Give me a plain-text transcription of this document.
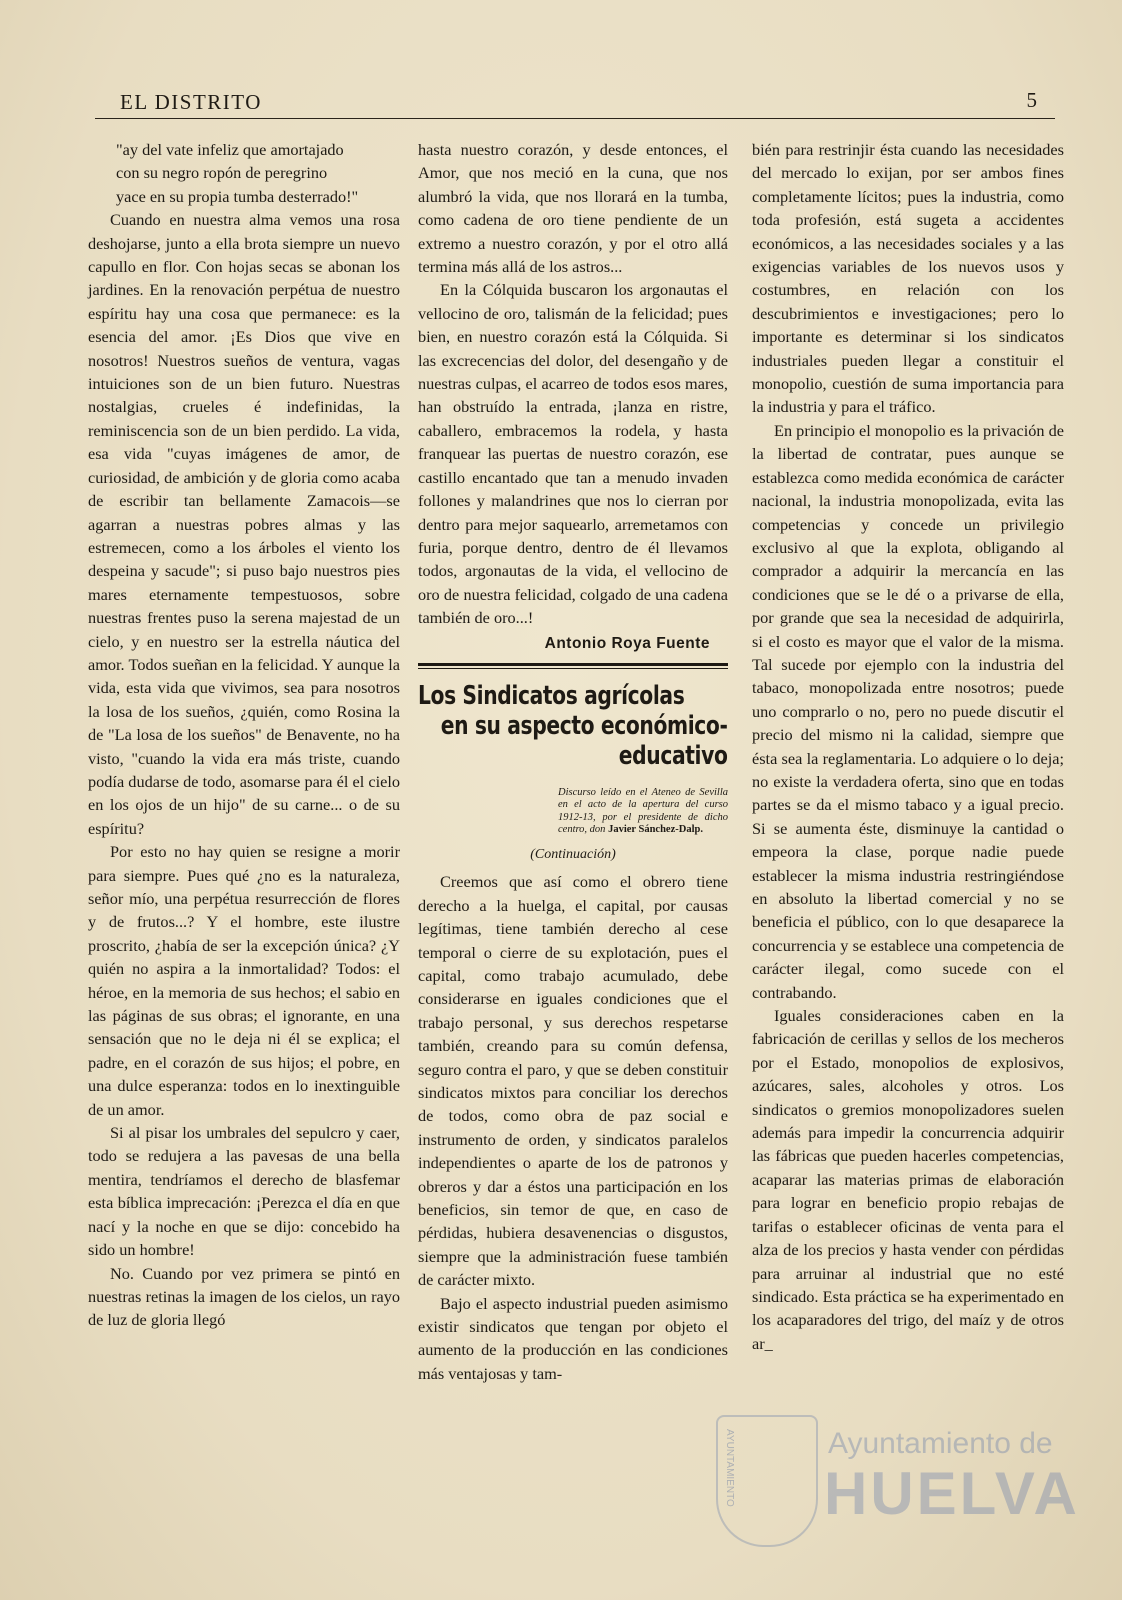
EL DISTRITO	5
"ay del vate infeliz que amortajado
con su negro ropón de peregrino
yace en su propia tumba desterrado!"

Cuando en nuestra alma vemos una rosa deshojarse, junto a ella brota siempre un nuevo capullo en flor. Con hojas secas se abonan los jardines. En la renovación perpétua de nuestro espíritu hay una cosa que permanece: es la esencia del amor. ¡Es Dios que vive en nosotros! Nuestros sueños de ventura, vagas intuiciones son de un bien futuro. Nuestras nostalgias, crueles é indefinidas, la reminiscencia son de un bien perdido. La vida, esa vida "cuyas imágenes de amor, de curiosidad, de ambición y de gloria como acaba de escribir tan bellamente Zamacois—se agarran a nuestras pobres almas y las estremecen, como a los árboles el viento los despeina y sacude"; si puso bajo nuestros pies mares eternamente tempestuosos, sobre nuestras frentes puso la serena majestad de un cielo, y en nuestro ser la estrella náutica del amor. Todos sueñan en la felicidad. Y aunque la vida, esta vida que vivimos, sea para nosotros la losa de los sueños, ¿quién, como Rosina la de "La losa de los sueños" de Benavente, no ha visto, "cuando la vida era más triste, cuando podía dudarse de todo, asomarse para él el cielo en los ojos de un hijo" de su carne... o de su espíritu?

Por esto no hay quien se resigne a morir para siempre. Pues qué ¿no es la naturaleza, señor mío, una perpétua resurrección de flores y de frutos...? Y el hombre, este ilustre proscrito, ¿había de ser la excepción única? ¿Y quién no aspira a la inmortalidad? Todos: el héroe, en la memoria de sus hechos; el sabio en las páginas de sus obras; el ignorante, en una sensación que no le deja ni él se explica; el padre, en el corazón de sus hijos; el pobre, en una dulce esperanza: todos en lo inextinguible de un amor.

Si al pisar los umbrales del sepulcro y caer, todo se redujera a las pavesas de una bella mentira, tendríamos el derecho de blasfemar esta bíblica imprecación: ¡Perezca el día en que nací y la noche en que se dijo: concebido ha sido un hombre!

No. Cuando por vez primera se pintó en nuestras retinas la imagen de los cielos, un rayo de luz de gloria llegó

hasta nuestro corazón, y desde entonces, el Amor, que nos meció en la cuna, que nos alumbró la vida, que nos llorará en la tumba, como cadena de oro tiene pendiente de un extremo a nuestro corazón, y por el otro allá termina más allá de los astros...

En la Cólquida buscaron los argonautas el vellocino de oro, talismán de la felicidad; pues bien, en nuestro corazón está la Cólquida. Si las excrecencias del dolor, del desengaño y de nuestras culpas, el acarreo de todos esos mares, han obstruído la entrada, ¡lanza en ristre, caballero, embracemos la rodela, y hasta franquear las puertas de nuestro corazón, ese castillo encantado que tan a menudo invaden follones y malandrines que nos lo cierran por dentro para mejor saquearlo, arremetamos con furia, porque dentro, dentro de él llevamos todos, argonautas de la vida, el vellocino de oro de nuestra felicidad, colgado de una cadena también de oro...!

Antonio Roya Fuente
Los Sindicatos agrícolas
en su aspecto económico-educativo
Discurso leído en el Ateneo de Sevilla en el acto de la apertura del curso 1912-13, por el presidente de dicho centro, don Javier Sánchez-Dalp.
(Continuación)

Creemos que así como el obrero tiene derecho a la huelga, el capital, por causas legítimas, tiene también derecho al cese temporal o cierre de su explotación, pues el capital, como trabajo acumulado, debe considerarse en iguales condiciones que el trabajo personal, y sus derechos respetarse también, creando para su común defensa, seguro contra el paro, y que se deben constituir sindicatos mixtos para conciliar los derechos de todos, como obra de paz social e instrumento de orden, y sindicatos paralelos independientes o aparte de los de patronos y obreros y dar a éstos una participación en los beneficios, sin temor de que, en caso de pérdidas, hubiera desavenencias o disgustos, siempre que la administración fuese también de carácter mixto.

Bajo el aspecto industrial pueden asimismo existir sindicatos que tengan por objeto el aumento de la producción en las condiciones más ventajosas y tam-

bién para restrinjir ésta cuando las necesidades del mercado lo exijan, por ser ambos fines completamente lícitos; pues la industria, como toda profesión, está sugeta a accidentes económicos, a las necesidades sociales y a las exigencias variables de los nuevos usos y costumbres, en relación con los descubrimientos e investigaciones; pero lo importante es determinar si los sindicatos industriales pueden llegar a constituir el monopolio, cuestión de suma importancia para la industria y para el tráfico.

En principio el monopolio es la privación de la libertad de contratar, pues aunque se establezca como medida económica de carácter nacional, la industria monopolizada, evita las competencias y concede un privilegio exclusivo al que la explota, obligando al comprador a adquirir la mercancía en las condiciones que se le dé o a privarse de ella, por grande que sea la necesidad de adquirirla, si el costo es mayor que el valor de la misma. Tal sucede por ejemplo con la industria del tabaco, monopolizada entre nosotros; puede uno comprarlo o no, pero no puede discutir el precio del mismo ni la calidad, siempre que ésta sea la reglamentaria. Lo adquiere o lo deja; no existe la verdadera oferta, sino que en todas partes se da el mismo tabaco y a igual precio. Si se aumenta éste, disminuye la cantidad o empeora la clase, porque nadie puede establecer la misma industria restringiéndose en absoluto la libertad comercial y no se beneficia el público, con lo que desaparece la concurrencia y se establece una competencia de carácter ilegal, como sucede con el contrabando.

Iguales consideraciones caben en la fabricación de cerillas y sellos de los mecheros por el Estado, monopolios de explosivos, azúcares, sales, alcoholes y otros. Los sindicatos o gremios monopolizadores suelen además para impedir la concurrencia adquirir las fábricas que pueden hacerles competencias, acaparar las materias primas de elaboración para lograr en beneficio propio rebajas de tarifas o establecer oficinas de venta para el alza de los precios y hasta vender con pérdidas para arruinar al industrial que no esté sindicado. Esta práctica se ha experimentado en los acaparadores del trigo, del maíz y de otros ar_

AYUNTAMIENTO	Ayuntamiento de
HUELVA
